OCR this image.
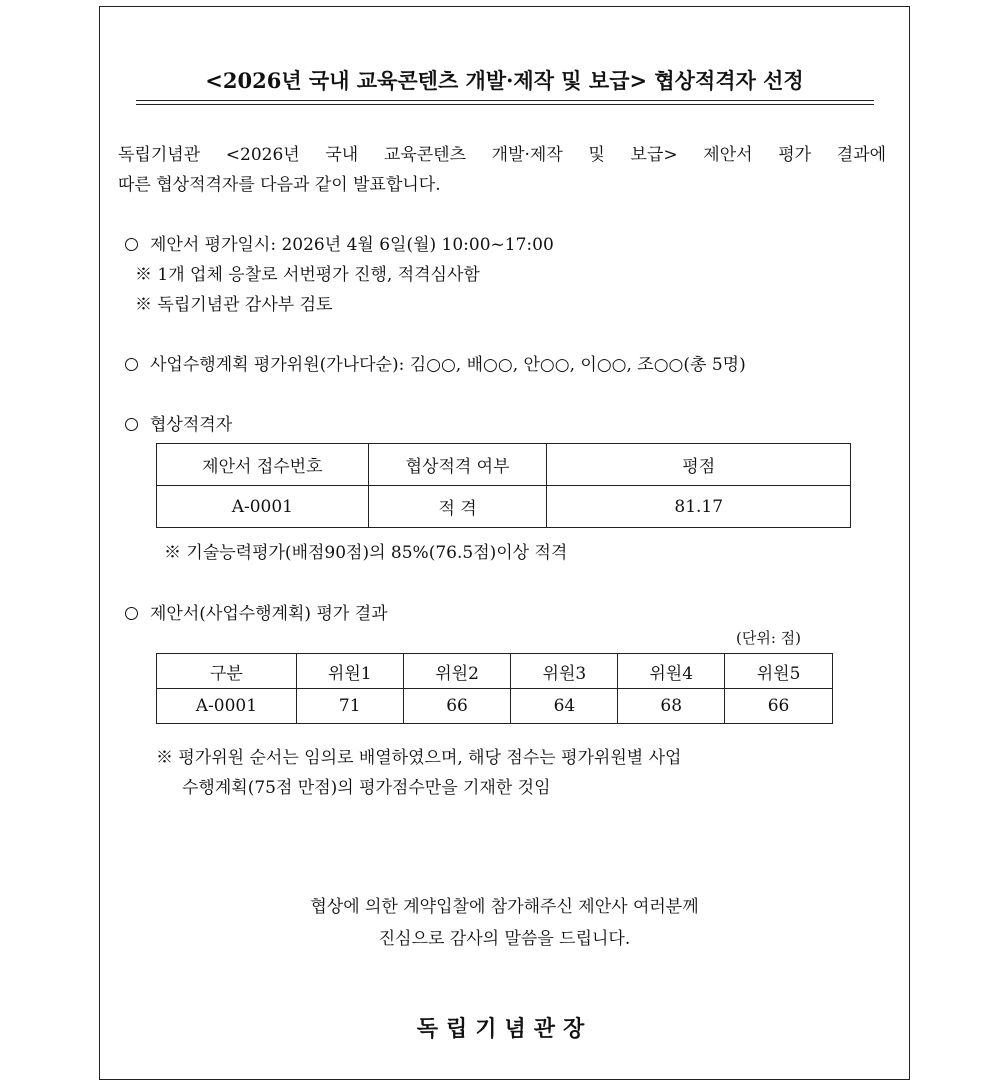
<2026년 국내 교육콘텐츠 개발·제작 및 보급> 협상적격자 선정
독립기념관 <2026년 국내 교육콘텐츠 개발·제작 및 보급> 제안서 평가 결과에
따른 협상적격자를 다음과 같이 발표합니다.
제안서 평가일시: 2026년 4월 6일(월) 10:00~17:00
※ 1개 업체 응찰로 서번평가 진행, 적격심사함
※ 독립기념관 감사부 검토
사업수행계획 평가위원(가나다순): 김○○, 배○○, 안○○, 이○○, 조○○(총 5명)
협상적격자
제안서 접수번호	협상적격 여부	평점
A-0001	적 격	81.17
※ 기술능력평가(배점90점)의 85%(76.5점)이상 적격
제안서(사업수행계획) 평가 결과
(단위: 점)
구분	위원1	위원2	위원3	위원4	위원5
A-0001	71	66	64	68	66
※ 평가위원 순서는 임의로 배열하였으며, 해당 점수는 평가위원별 사업
수행계획(75점 만점)의 평가점수만을 기재한 것임
협상에 의한 계약입찰에 참가해주신 제안사 여러분께
진심으로 감사의 말씀을 드립니다.
독립기념관장
